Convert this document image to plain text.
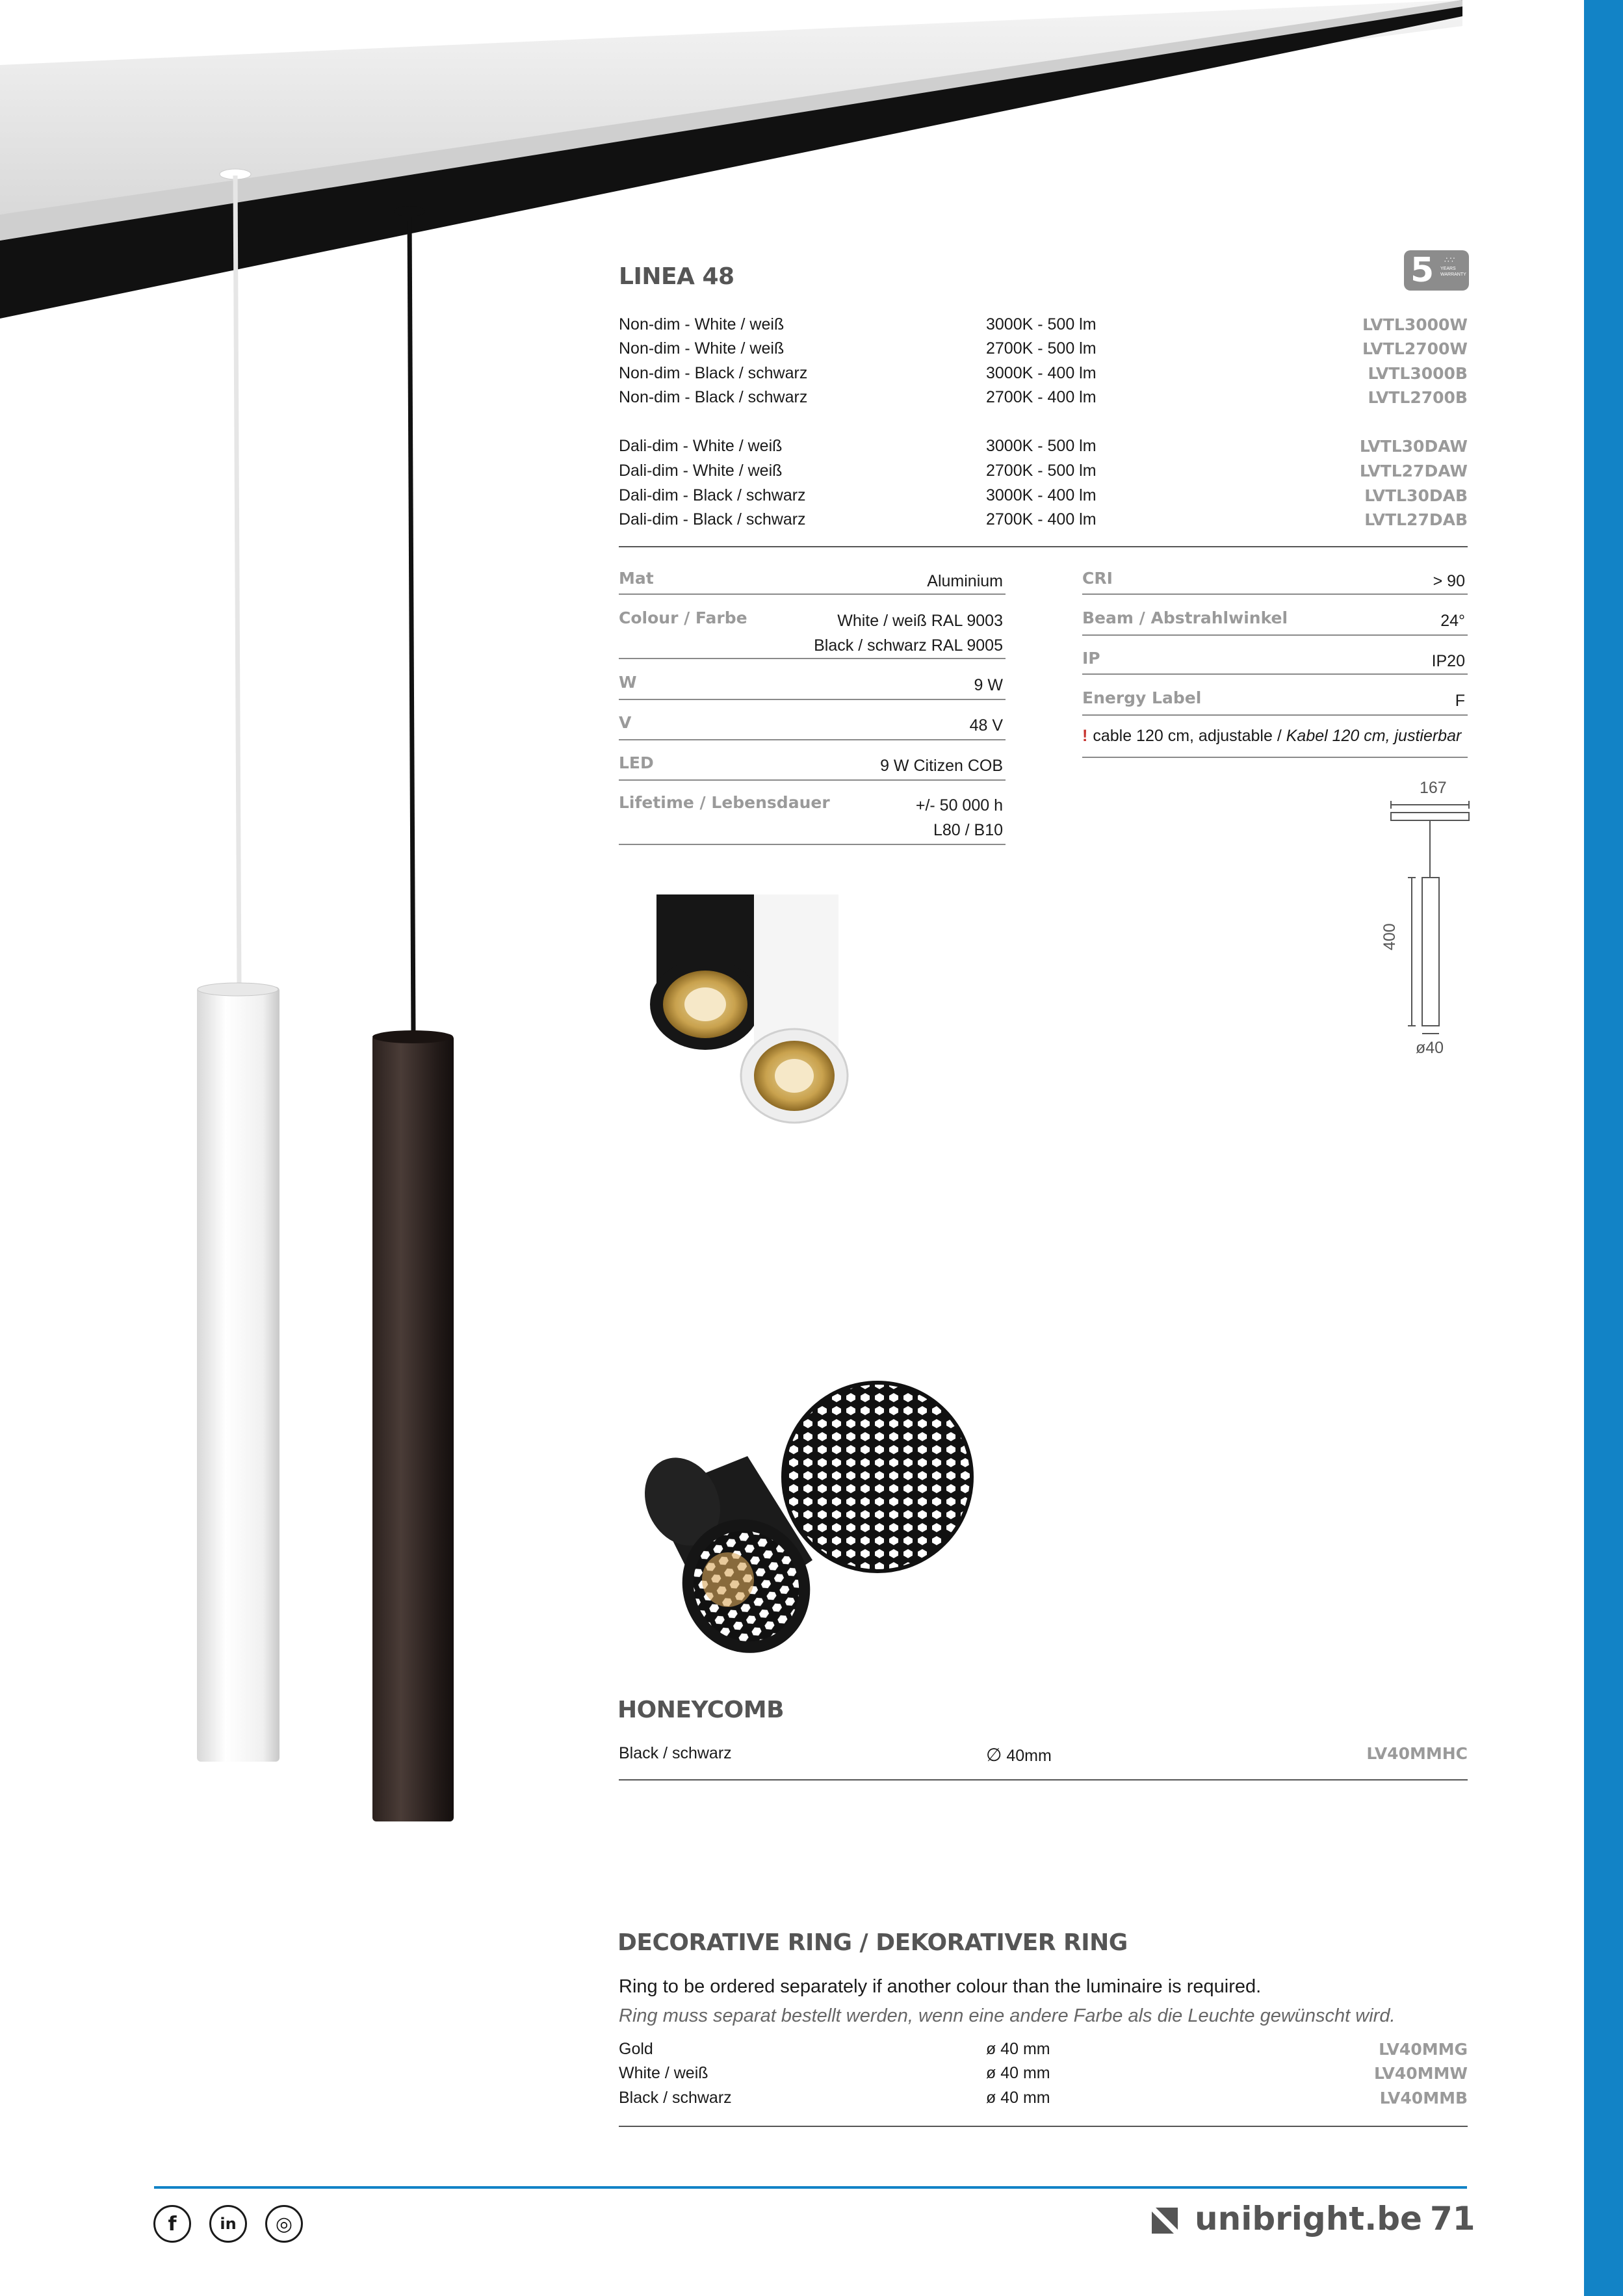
LINEA 48	5 ∴∵
YEARS WARRANTY
Non-dim - White / weiß	3000K - 500 lm	LVTL3000W
Non-dim - White / weiß	2700K - 500 lm	LVTL2700W
Non-dim - Black / schwarz	3000K - 400 lm	LVTL3000B
Non-dim - Black / schwarz	2700K - 400 lm	LVTL2700B
Dali-dim - White / weiß	3000K - 500 lm	LVTL30DAW
Dali-dim - White / weiß	2700K - 500 lm	LVTL27DAW
Dali-dim - Black / schwarz	3000K - 400 lm	LVTL30DAB
Dali-dim - Black / schwarz	2700K - 400 lm	LVTL27DAB
Mat	Aluminium
Colour / Farbe	White / weiß RAL 9003
Black / schwarz RAL 9005
W	9 W
V	48 V
LED	9 W Citizen COB
Lifetime / Lebensdauer	+/- 50 000 h
L80 / B10
CRI	> 90
Beam / Abstrahlwinkel	24°
IP	IP20
Energy Label	F
! cable 120 cm, adjustable / Kabel 120 cm, justierbar
167
400
ø40
HONEYCOMB
Black / schwarz	∅ 40mm	LV40MMHC
DECORATIVE RING / DEKORATIVER RING
Ring to be ordered separately if another colour than the luminaire is required.
Ring muss separat bestellt werden, wenn eine andere Farbe als die Leuchte gewünscht wird.
Gold	ø 40 mm	LV40MMG
White / weiß	ø 40 mm	LV40MMW
Black / schwarz	ø 40 mm	LV40MMB
f	in	◎	unibright.be 71
